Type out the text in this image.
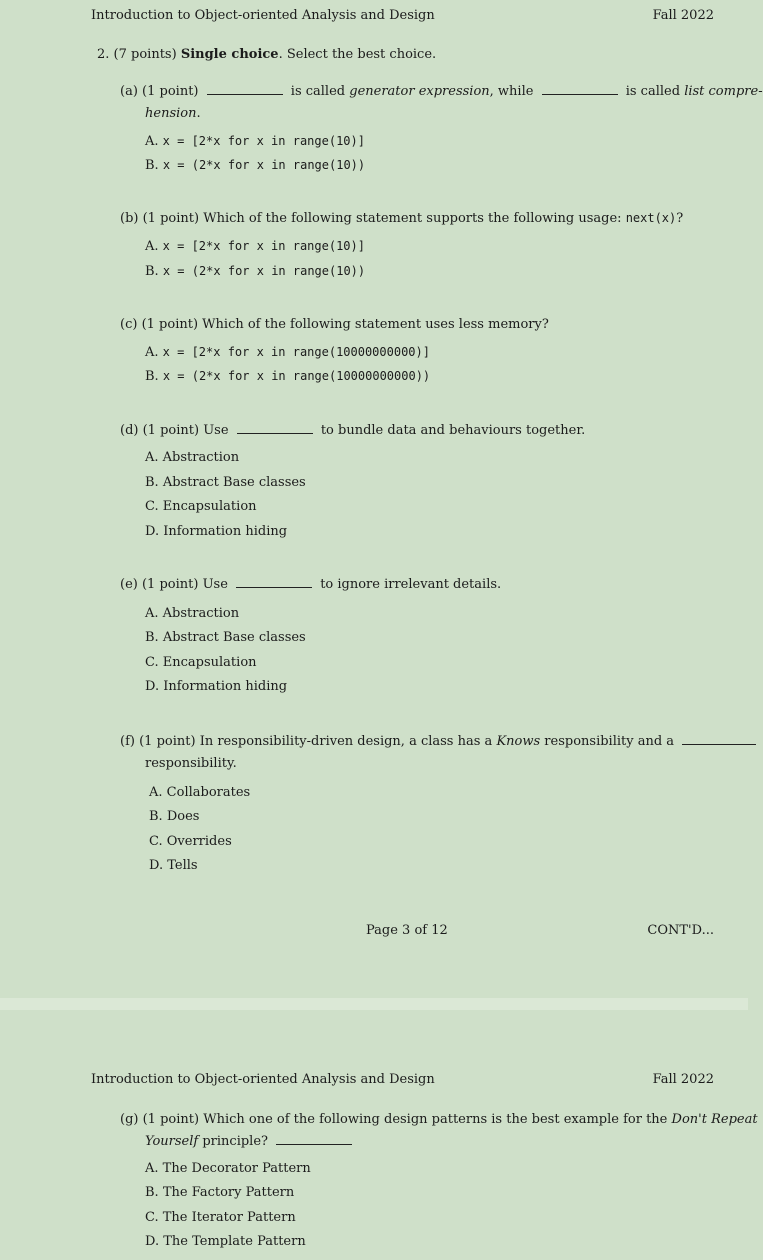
Introduction to Object-oriented Analysis and Design	Fall 2022
2. (7 points) Single choice. Select the best choice.
(a) (1 point)	is called generator expression, while	is called list compre-
hension.
A. x = [2*x for x in range(10)]
B. x = (2*x for x in range(10))
(b) (1 point) Which of the following statement supports the following usage: next(x)?
A. x = [2*x for x in range(10)]
B. x = (2*x for x in range(10))
(c) (1 point) Which of the following statement uses less memory?
A. x = [2*x for x in range(10000000000)]
B. x = (2*x for x in range(10000000000))
(d) (1 point) Use	to bundle data and behaviours together.
A. Abstraction
B. Abstract Base classes
C. Encapsulation
D. Information hiding
(e) (1 point) Use	to ignore irrelevant details.
A. Abstraction
B. Abstract Base classes
C. Encapsulation
D. Information hiding
(f) (1 point) In responsibility-driven design, a class has a Knows responsibility and a
responsibility.
A. Collaborates
B. Does
C. Overrides
D. Tells
Page 3 of 12	CONT'D...
Introduction to Object-oriented Analysis and Design	Fall 2022
(g) (1 point) Which one of the following design patterns is the best example for the Don't Repeat
Yourself principle?
A. The Decorator Pattern
B. The Factory Pattern
C. The Iterator Pattern
D. The Template Pattern
